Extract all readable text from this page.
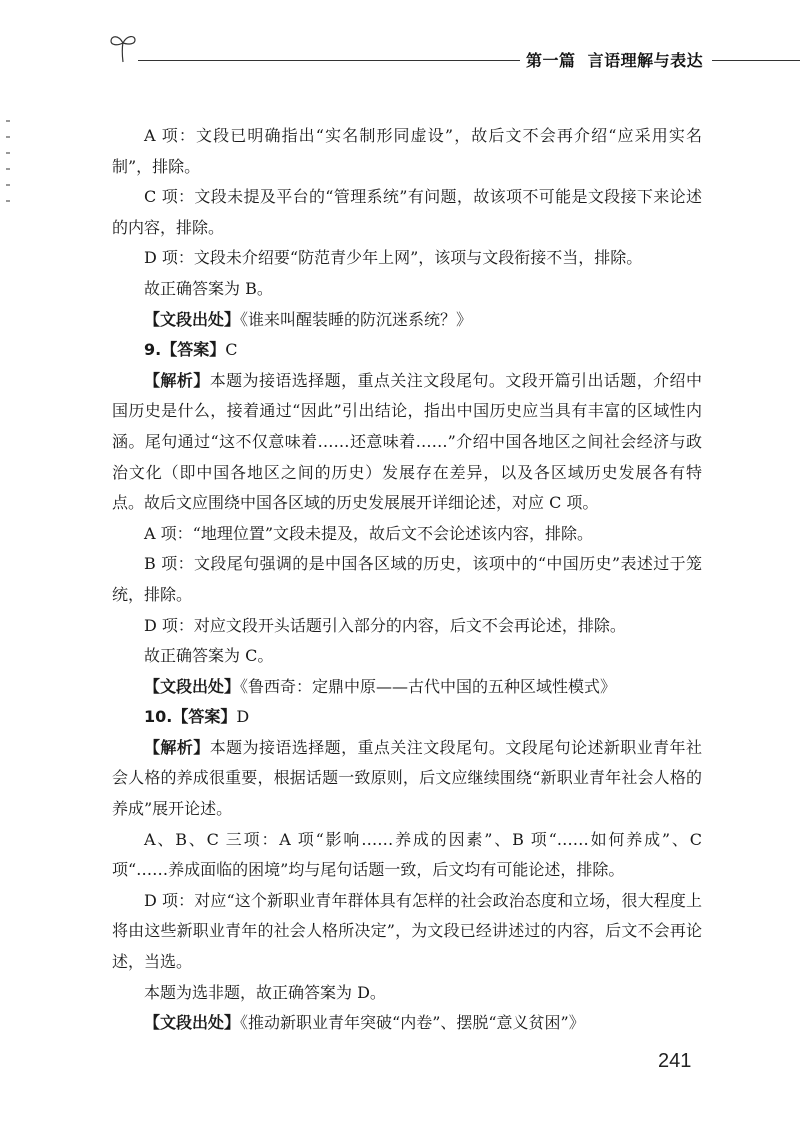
第一篇 言语理解与表达

A 项：文段已明确指出“实名制形同虚设”，故后文不会再介绍“应采用实名制”，排除。

C 项：文段未提及平台的“管理系统”有问题，故该项不可能是文段接下来论述的内容，排除。

D 项：文段未介绍要“防范青少年上网”，该项与文段衔接不当，排除。

故正确答案为 B。

【文段出处】《谁来叫醒装睡的防沉迷系统？》

9.【答案】C

【解析】本题为接语选择题，重点关注文段尾句。文段开篇引出话题，介绍中国历史是什么，接着通过“因此”引出结论，指出中国历史应当具有丰富的区域性内涵。尾句通过“这不仅意味着……还意味着……”介绍中国各地区之间社会经济与政治文化（即中国各地区之间的历史）发展存在差异，以及各区域历史发展各有特点。故后文应围绕中国各区域的历史发展展开详细论述，对应 C 项。

A 项：“地理位置”文段未提及，故后文不会论述该内容，排除。

B 项：文段尾句强调的是中国各区域的历史，该项中的“中国历史”表述过于笼统，排除。

D 项：对应文段开头话题引入部分的内容，后文不会再论述，排除。

故正确答案为 C。

【文段出处】《鲁西奇：定鼎中原——古代中国的五种区域性模式》

10.【答案】D

【解析】本题为接语选择题，重点关注文段尾句。文段尾句论述新职业青年社会人格的养成很重要，根据话题一致原则，后文应继续围绕“新职业青年社会人格的养成”展开论述。

A、B、C 三项：A 项“影响……养成的因素”、B 项“……如何养成”、C 项“……养成面临的困境”均与尾句话题一致，后文均有可能论述，排除。

D 项：对应“这个新职业青年群体具有怎样的社会政治态度和立场，很大程度上将由这些新职业青年的社会人格所决定”，为文段已经讲述过的内容，后文不会再论述，当选。

本题为选非题，故正确答案为 D。

【文段出处】《推动新职业青年突破“内卷”、摆脱“意义贫困”》

241
